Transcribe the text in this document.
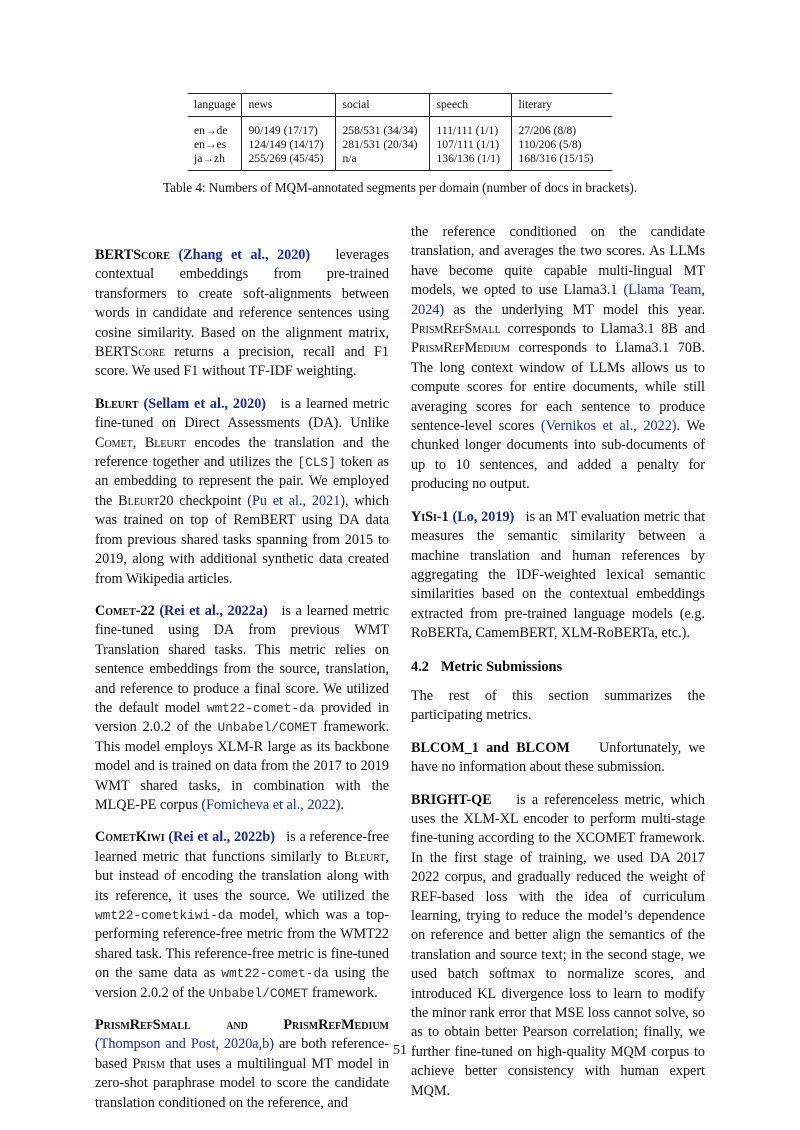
language	news	social	speech	literary
en→de	90/149 (17/17)	258/531 (34/34)	111/111 (1/1)	27/206 (8/8)
en→es	124/149 (14/17)	281/531 (20/34)	107/111 (1/1)	110/206 (5/8)
ja→zh	255/269 (45/45)	n/a	136/136 (1/1)	168/316 (15/15)
Table 4: Numbers of MQM-annotated segments per domain (number of docs in brackets).

BERTScore (Zhang et al., 2020) leverages contextual embeddings from pre-trained transformers to create soft-alignments between words in candidate and reference sentences using cosine similarity. Based on the alignment matrix, BERTScore returns a precision, recall and F1 score. We used F1 without TF-IDF weighting.

Bleurt (Sellam et al., 2020) is a learned metric fine-tuned on Direct Assessments (DA). Unlike Comet, Bleurt encodes the translation and the reference together and utilizes the [CLS] token as an embedding to represent the pair. We employed the Bleurt20 checkpoint (Pu et al., 2021), which was trained on top of RemBERT using DA data from previous shared tasks spanning from 2015 to 2019, along with additional synthetic data created from Wikipedia articles.

Comet-22 (Rei et al., 2022a) is a learned metric fine-tuned using DA from previous WMT Translation shared tasks. This metric relies on sentence embeddings from the source, translation, and reference to produce a final score. We utilized the default model wmt22-comet-da provided in version 2.0.2 of the Unbabel/COMET framework. This model employs XLM-R large as its backbone model and is trained on data from the 2017 to 2019 WMT shared tasks, in combination with the MLQE-PE corpus (Fomicheva et al., 2022).

CometKiwi (Rei et al., 2022b) is a reference-free learned metric that functions similarly to Bleurt, but instead of encoding the translation along with its reference, it uses the source. We utilized the wmt22-cometkiwi-da model, which was a top-performing reference-free metric from the WMT22 shared task. This reference-free metric is fine-tuned on the same data as wmt22-comet-da using the version 2.0.2 of the Unbabel/COMET framework.

PrismRefSmall and PrismRefMedium (Thompson and Post, 2020a,b) are both reference-based Prism that uses a multilingual MT model in zero-shot paraphrase model to score the candidate translation conditioned on the reference, and

the reference conditioned on the candidate translation, and averages the two scores. As LLMs have become quite capable multi-lingual MT models, we opted to use Llama3.1 (Llama Team, 2024) as the underlying MT model this year. PrismRefSmall corresponds to Llama3.1 8B and PrismRefMedium corresponds to Llama3.1 70B. The long context window of LLMs allows us to compute scores for entire documents, while still averaging scores for each sentence to produce sentence-level scores (Vernikos et al., 2022). We chunked longer documents into sub-documents of up to 10 sentences, and added a penalty for producing no output.

YiSi-1 (Lo, 2019) is an MT evaluation metric that measures the semantic similarity between a machine translation and human references by aggregating the IDF-weighted lexical semantic similarities based on the contextual embeddings extracted from pre-trained language models (e.g. RoBERTa, CamemBERT, XLM-RoBERTa, etc.).

4.2 Metric Submissions

The rest of this section summarizes the participating metrics.

BLCOM_1 and BLCOM Unfortunately, we have no information about these submission.

BRIGHT-QE is a referenceless metric, which uses the XLM-XL encoder to perform multi-stage fine-tuning according to the XCOMET framework. In the first stage of training, we used DA 2017 2022 corpus, and gradually reduced the weight of REF-based loss with the idea of curriculum learning, trying to reduce the model’s dependence on reference and better align the semantics of the translation and source text; in the second stage, we used batch softmax to normalize scores, and introduced KL divergence loss to learn to modify the minor rank error that MSE loss cannot solve, so as to obtain better Pearson correlation; finally, we further fine-tuned on high-quality MQM corpus to achieve better consistency with human expert MQM.

51
